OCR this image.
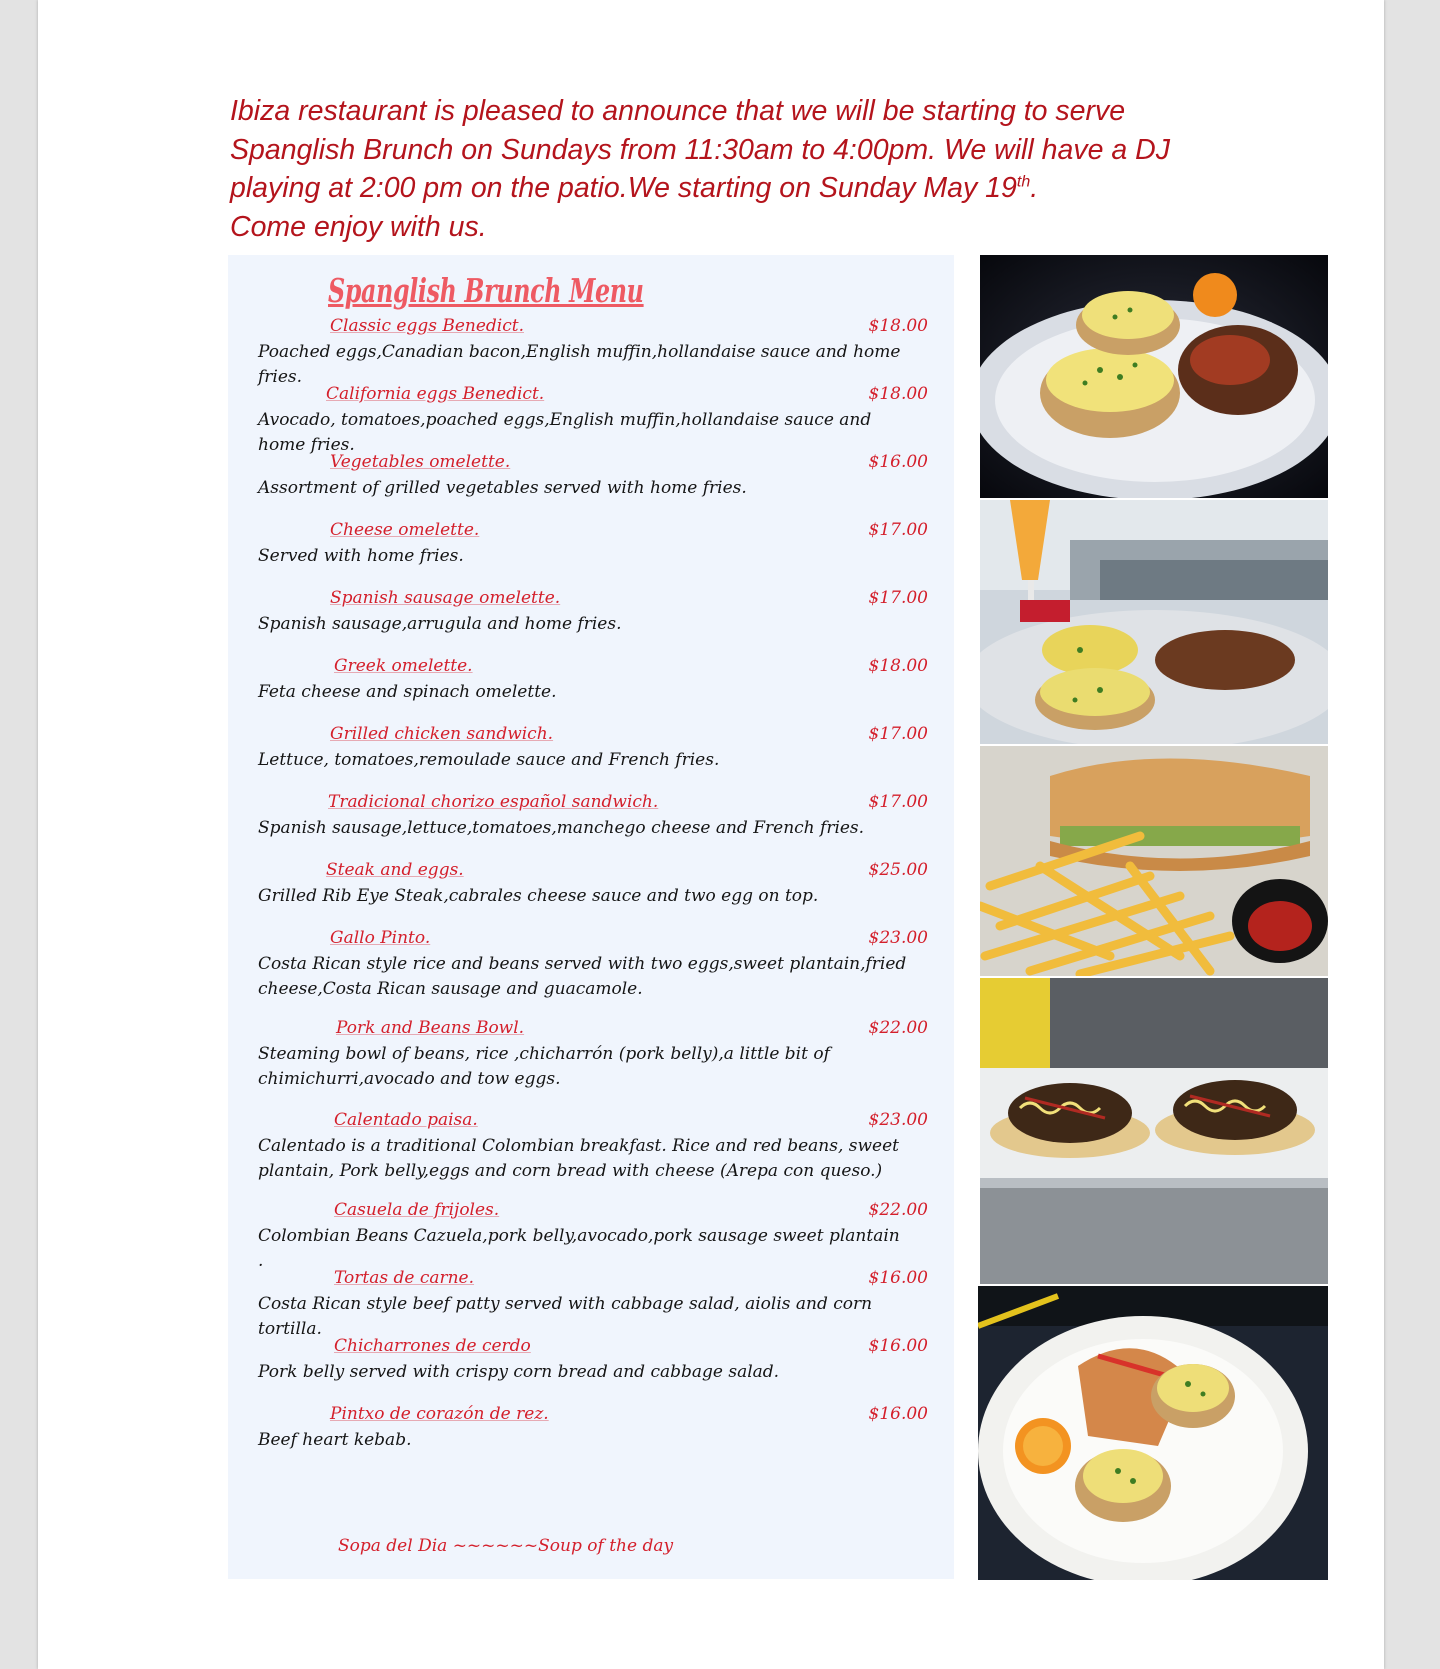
Ibiza restaurant is pleased to announce that we will be starting to serve
Spanglish Brunch on Sundays from 11:30am to 4:00pm. We will have a DJ
playing at 2:00 pm on the patio.We starting on Sunday May 19th.
Come enjoy with us.

Spanglish Brunch Menu
Classic eggs Benedict.	$18.00

Poached eggs,Canadian bacon,English muffin,hollandaise sauce and home fries.

California eggs Benedict.	$18.00

Avocado, tomatoes,poached eggs,English muffin,hollandaise sauce and home fries.

Vegetables omelette.	$16.00

Assortment of grilled vegetables served with home fries.

Cheese omelette.	$17.00

Served with home fries.

Spanish sausage omelette.	$17.00

Spanish sausage,arrugula and home fries.

Greek omelette.	$18.00

Feta cheese and spinach omelette.

Grilled chicken sandwich.	$17.00

Lettuce, tomatoes,remoulade sauce and French fries.

Tradicional chorizo español sandwich.	$17.00

Spanish sausage,lettuce,tomatoes,manchego cheese and French fries.

Steak and eggs.	$25.00

Grilled Rib Eye Steak,cabrales cheese sauce and two egg on top.

Gallo Pinto.	$23.00

Costa Rican style rice and beans served with two eggs,sweet plantain,fried cheese,Costa Rican sausage and guacamole.

Pork and Beans Bowl.	$22.00

Steaming bowl of beans, rice ,chicharrón (pork belly),a little bit of chimichurri,avocado and tow eggs.

Calentado paisa.	$23.00

Calentado is a traditional Colombian breakfast. Rice and red beans, sweet plantain, Pork belly,eggs and corn bread with cheese (Arepa con queso.)

Casuela de frijoles.	$22.00

Colombian Beans Cazuela,pork belly,avocado,pork sausage sweet plantain .

Tortas de carne.	$16.00

Costa Rican style beef patty served with cabbage salad, aiolis and corn tortilla.

Chicharrones de cerdo	$16.00

Pork belly served with crispy corn bread and cabbage salad.

Pintxo de corazón de rez.	$16.00

Beef heart kebab.

Sopa del Dia ~~~~~~Soup of the day
